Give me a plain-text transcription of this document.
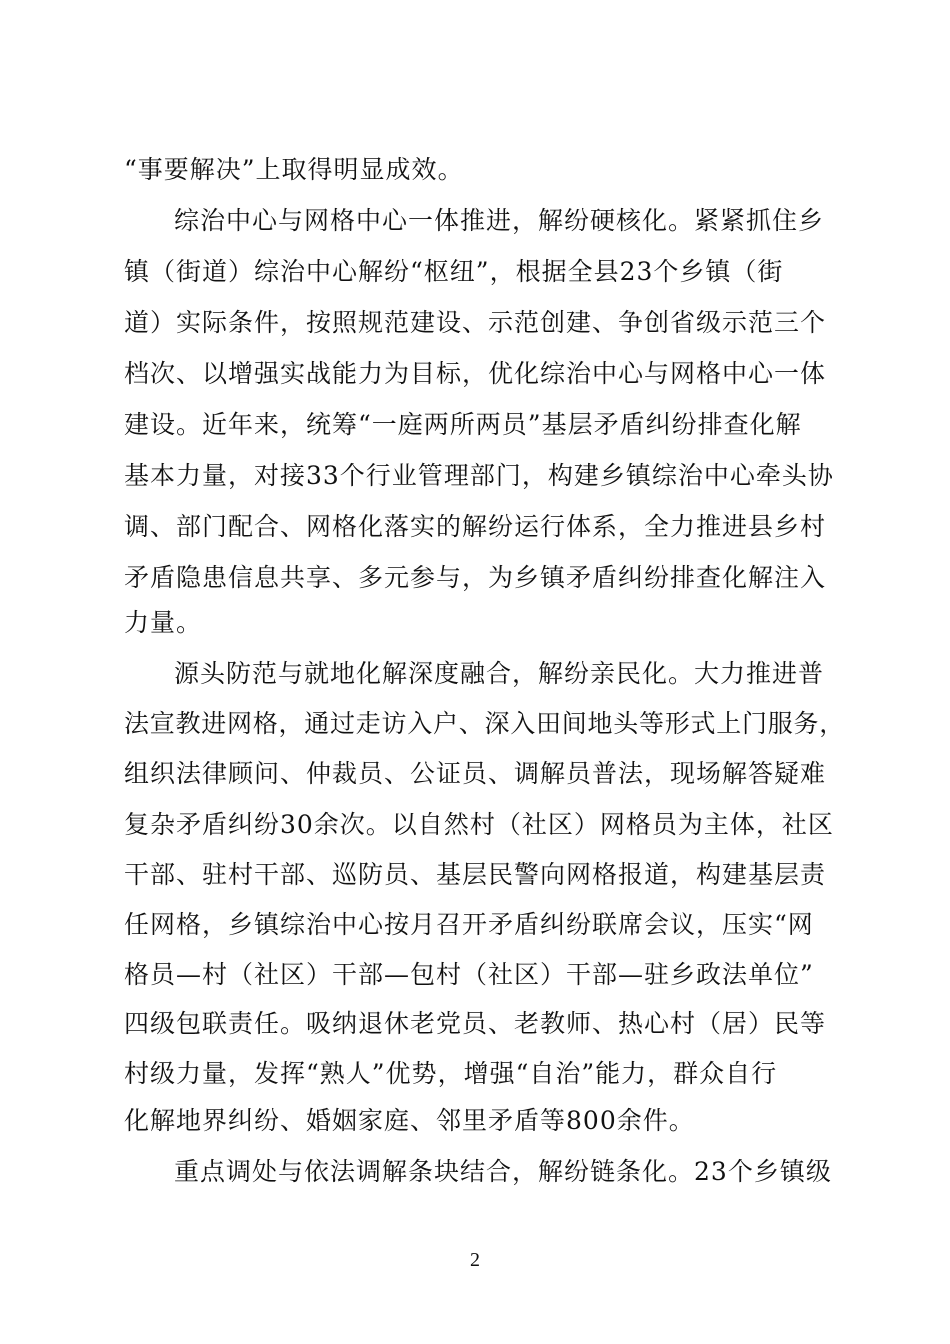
“事要解决”上取得明显成效。
综治中心与网格中心一体推进，解纷硬核化。紧紧抓住乡
镇（街道）综治中心解纷“枢纽”，根据全县23个乡镇（街
道）实际条件，按照规范建设、示范创建、争创省级示范三个
档次、以增强实战能力为目标，优化综治中心与网格中心一体
建设。近年来，统筹“一庭两所两员”基层矛盾纠纷排查化解
基本力量，对接33个行业管理部门，构建乡镇综治中心牵头协
调、部门配合、网格化落实的解纷运行体系，全力推进县乡村
矛盾隐患信息共享、多元参与，为乡镇矛盾纠纷排查化解注入
力量。
源头防范与就地化解深度融合，解纷亲民化。大力推进普
法宣教进网格，通过走访入户、深入田间地头等形式上门服务，
组织法律顾问、仲裁员、公证员、调解员普法，现场解答疑难
复杂矛盾纠纷30余次。以自然村（社区）网格员为主体，社区
干部、驻村干部、巡防员、基层民警向网格报道，构建基层责
任网格，乡镇综治中心按月召开矛盾纠纷联席会议，压实“网
格员—村（社区）干部—包村（社区）干部—驻乡政法单位”
四级包联责任。吸纳退休老党员、老教师、热心村（居）民等
村级力量，发挥“熟人”优势，增强“自治”能力，群众自行
化解地界纠纷、婚姻家庭、邻里矛盾等800余件。
重点调处与依法调解条块结合，解纷链条化。23个乡镇级
2
